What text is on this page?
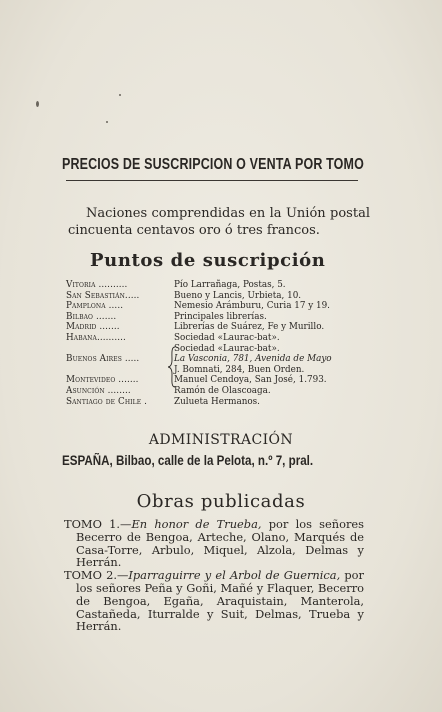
PRECIOS DE SUSCRIPCION O VENTA POR TOMO

Naciones comprendidas en la Unión postal cincuenta centavos oro ó tres francos.

Puntos de suscripción
Vitoria ..........	Pío Larrañaga, Postas, 5.
San Sebastián.....	Bueno y Lancis, Urbieta, 10.
Pamplona .....	Nemesio Arámburu, Curia 17 y 19.
Bilbao .......	Principales librerías.
Madrid .......	Librerías de Suárez, Fe y Murillo.
Habana..........	Sociedad «Laurac-bat».
Sociedad «Laurac-bat».
Buenos Aires .....	La Vasconia, 781, Avenida de Mayo
J. Bomnati, 284, Buen Orden.
Montevideo .......	Manuel Cendoya, San José, 1.793.
Asunción ........	Ramón de Olascoaga.
Santiago de Chile .	Zulueta Hermanos.
ADMINISTRACIÓN
ESPAÑA, Bilbao, calle de la Pelota, n.º 7, pral.
Obras publicadas

TOMO 1.—En honor de Trueba, por los señores Becerro de Bengoa, Arteche, Olano, Marqués de Casa-Torre, Arbulo, Miquel, Alzola, Delmas y Herrán.

TOMO 2.—Iparraguirre y el Arbol de Guernica, por los señores Peña y Goñi, Mañé y Flaquer, Becerro de Bengoa, Egaña, Araquistain, Manterola, Castañeda, Iturralde y Suit, Delmas, Trueba y Herrán.
